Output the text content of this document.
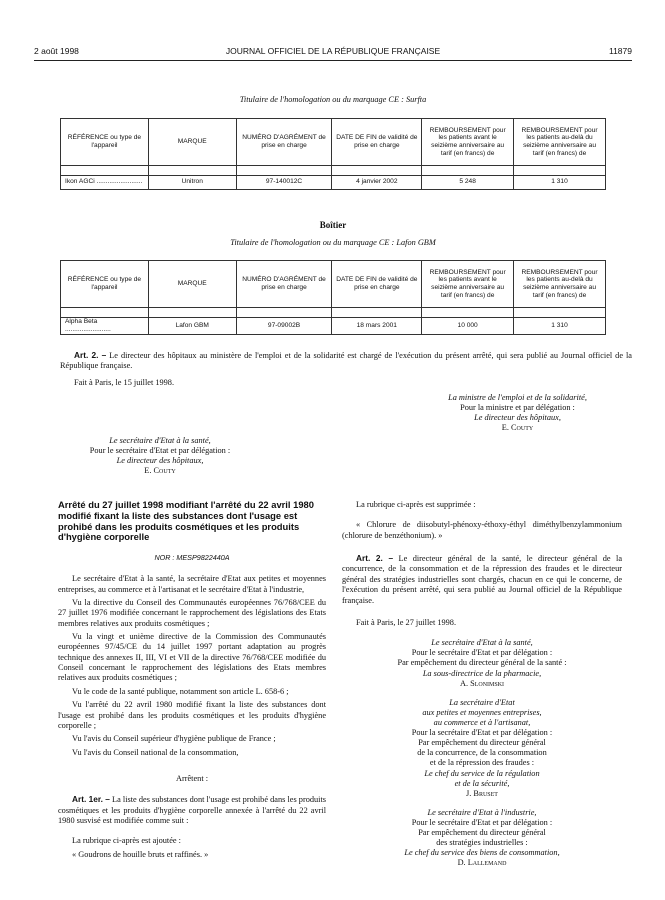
2 août 1998	JOURNAL OFFICIEL DE LA RÉPUBLIQUE FRANÇAISE	11879
Titulaire de l'homologation ou du marquage CE : Surfta
RÉFÉRENCE ou type de l'appareil	MARQUE	NUMÉRO D'AGRÉMENT de prise en charge	DATE DE FIN de validité de prise en charge	REMBOURSEMENT pour les patients avant le seizième anniversaire au tarif (en francs) de	REMBOURSEMENT pour les patients au-delà du seizième anniversaire au tarif (en francs) de

Ikon AGCi .........................	Unitron	97-140012C	4 janvier 2002	5 248	1 310
Boîtier
Titulaire de l'homologation ou du marquage CE : Lafon GBM
RÉFÉRENCE ou type de l'appareil	MARQUE	NUMÉRO D'AGRÉMENT de prise en charge	DATE DE FIN de validité de prise en charge	REMBOURSEMENT pour les patients avant le seizième anniversaire au tarif (en francs) de	REMBOURSEMENT pour les patients au-delà du seizième anniversaire au tarif (en francs) de

Alpha Beta .........................	Lafon GBM	97-09002B	18 mars 2001	10 000	1 310
Art. 2. – Le directeur des hôpitaux au ministère de l'emploi et de la solidarité est chargé de l'exécution du présent arrêté, qui sera publié au Journal officiel de la République française.
Fait à Paris, le 15 juillet 1998.

La ministre de l'emploi et de la solidarité,

Pour la ministre et par délégation :

Le directeur des hôpitaux,

E. Couty

Le secrétaire d'Etat à la santé,

Pour le secrétaire d'Etat et par délégation :

Le directeur des hôpitaux,

E. Couty

Arrêté du 27 juillet 1998 modifiant l'arrêté du 22 avril 1980 modifié fixant la liste des substances dont l'usage est prohibé dans les produits cosmétiques et les produits d'hygiène corporelle
NOR : MESP9822440A
Le secrétaire d'Etat à la santé, la secrétaire d'Etat aux petites et moyennes entreprises, au commerce et à l'artisanat et le secrétaire d'Etat à l'industrie,
Vu la directive du Conseil des Communautés européennes 76/768/CEE du 27 juillet 1976 modifiée concernant le rapprochement des législations des Etats membres relatives aux produits cosmétiques ;
Vu la vingt et unième directive de la Commission des Communautés européennes 97/45/CE du 14 juillet 1997 portant adaptation au progrès technique des annexes II, III, VI et VII de la directive 76/768/CEE modifiée du Conseil concernant le rapprochement des législations des Etats membres relatives aux produits cosmétiques ;
Vu le code de la santé publique, notamment son article L. 658-6 ;
Vu l'arrêté du 22 avril 1980 modifié fixant la liste des substances dont l'usage est prohibé dans les produits cosmétiques et les produits d'hygiène corporelle ;
Vu l'avis du Conseil supérieur d'hygiène publique de France ;
Vu l'avis du Conseil national de la consommation,
Arrêtent :
Art. 1er. – La liste des substances dont l'usage est prohibé dans les produits cosmétiques et les produits d'hygiène corporelle annexée à l'arrêté du 22 avril 1980 susvisé est modifiée comme suit :
La rubrique ci-après est ajoutée :
« Goudrons de houille bruts et raffinés. »
La rubrique ci-après est supprimée :
« Chlorure de diisobutyl-phénoxy-éthoxy-éthyl diméthylbenzylammonium (chlorure de benzéthonium). »
Art. 2. – Le directeur général de la santé, le directeur général de la concurrence, de la consommation et de la répression des fraudes et le directeur général des stratégies industrielles sont chargés, chacun en ce qui le concerne, de l'exécution du présent arrêté, qui sera publié au Journal officiel de la République française.
Fait à Paris, le 27 juillet 1998.

Le secrétaire d'Etat à la santé,

Pour le secrétaire d'Etat et par délégation :

Par empêchement du directeur général de la santé :

La sous-directrice de la pharmacie,

A. Slonimski

La secrétaire d'Etat

aux petites et moyennes entreprises,

au commerce et à l'artisanat,

Pour la secrétaire d'Etat et par délégation :

Par empêchement du directeur général

de la concurrence, de la consommation

et de la répression des fraudes :

Le chef du service de la régulation

et de la sécurité,

J. Bruset

Le secrétaire d'Etat à l'industrie,

Pour le secrétaire d'Etat et par délégation :

Par empêchement du directeur général

des stratégies industrielles :

Le chef du service des biens de consommation,

D. Lallemand
